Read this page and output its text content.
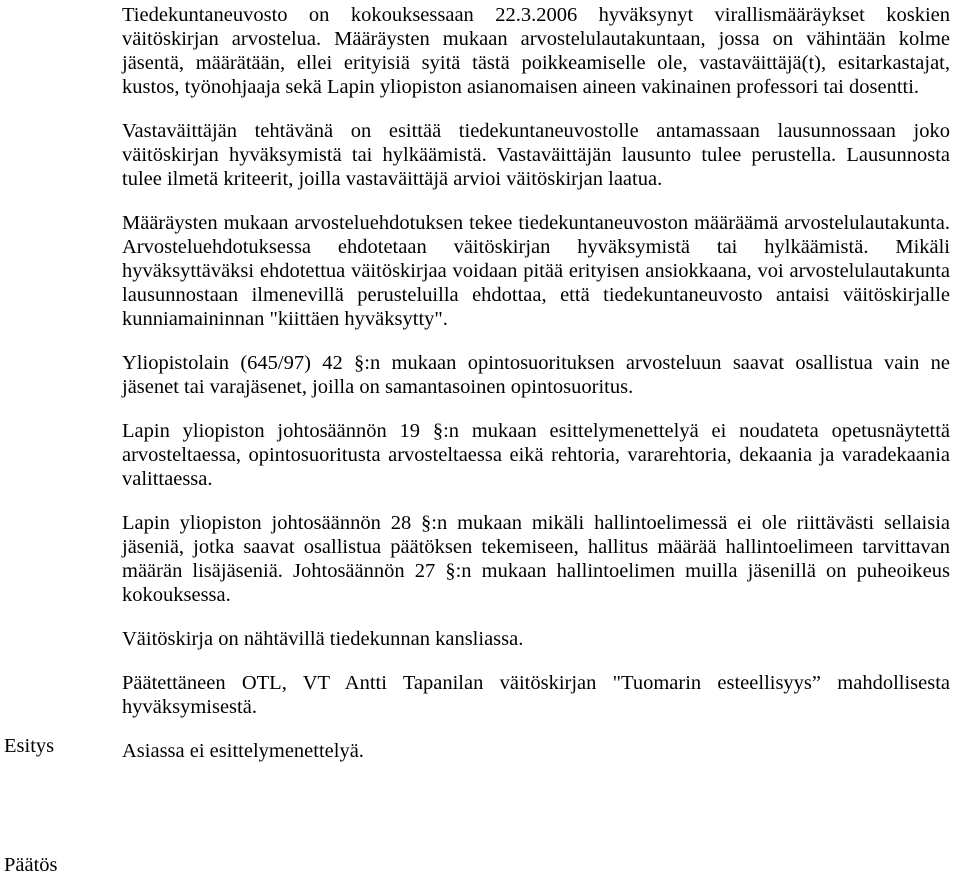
Tiedekuntaneuvosto on kokouksessaan 22.3.2006 hyväksynyt virallismääräykset koskien väitöskirjan arvostelua. Määräysten mukaan arvostelulautakuntaan, jossa on vähintään kolme jäsentä, määrätään, ellei erityisiä syitä tästä poikkeamiselle ole, vastaväittäjä(t), esitarkastajat, kustos, työnohjaaja sekä Lapin yliopiston asianomaisen aineen vakinainen professori tai dosentti.

Vastaväittäjän tehtävänä on esittää tiedekuntaneuvostolle antamassaan lausunnossaan joko väitöskirjan hyväksymistä tai hylkäämistä. Vastaväittäjän lausunto tulee perustella. Lausunnosta tulee ilmetä kriteerit, joilla vastaväittäjä arvioi väitöskirjan laatua.

Määräysten mukaan arvosteluehdotuksen tekee tiedekuntaneuvoston määräämä arvostelulautakunta. Arvosteluehdotuksessa ehdotetaan väitöskirjan hyväksymistä tai hylkäämistä. Mikäli hyväksyttäväksi ehdotettua väitöskirjaa voidaan pitää erityisen ansiokkaana, voi arvostelulautakunta lausunnostaan ilmenevillä perusteluilla ehdottaa, että tiedekuntaneuvosto antaisi väitöskirjalle kunniamaininnan "kiittäen hyväksytty".

Yliopistolain (645/97) 42 §:n mukaan opintosuorituksen arvosteluun saavat osallistua vain ne jäsenet tai varajäsenet, joilla on samantasoinen opintosuoritus.

Lapin yliopiston johtosäännön 19 §:n mukaan esittelymenettelyä ei noudateta opetusnäytettä arvosteltaessa, opintosuoritusta arvosteltaessa eikä rehtoria, vararehtoria, dekaania ja varadekaania valittaessa.

Lapin yliopiston johtosäännön 28 §:n mukaan mikäli hallintoelimessä ei ole riittävästi sellaisia jäseniä, jotka saavat osallistua päätöksen tekemiseen, hallitus määrää hallintoelimeen tarvittavan määrän lisäjäseniä. Johtosäännön 27 §:n mukaan hallintoelimen muilla jäsenillä on puheoikeus kokouksessa.

Väitöskirja on nähtävillä tiedekunnan kansliassa.

Päätettäneen OTL, VT Antti Tapanilan väitöskirjan "Tuomarin esteellisyys” mahdollisesta hyväksymisestä.

Asiassa ei esittelymenettelyä.

Esitys

Päätös
